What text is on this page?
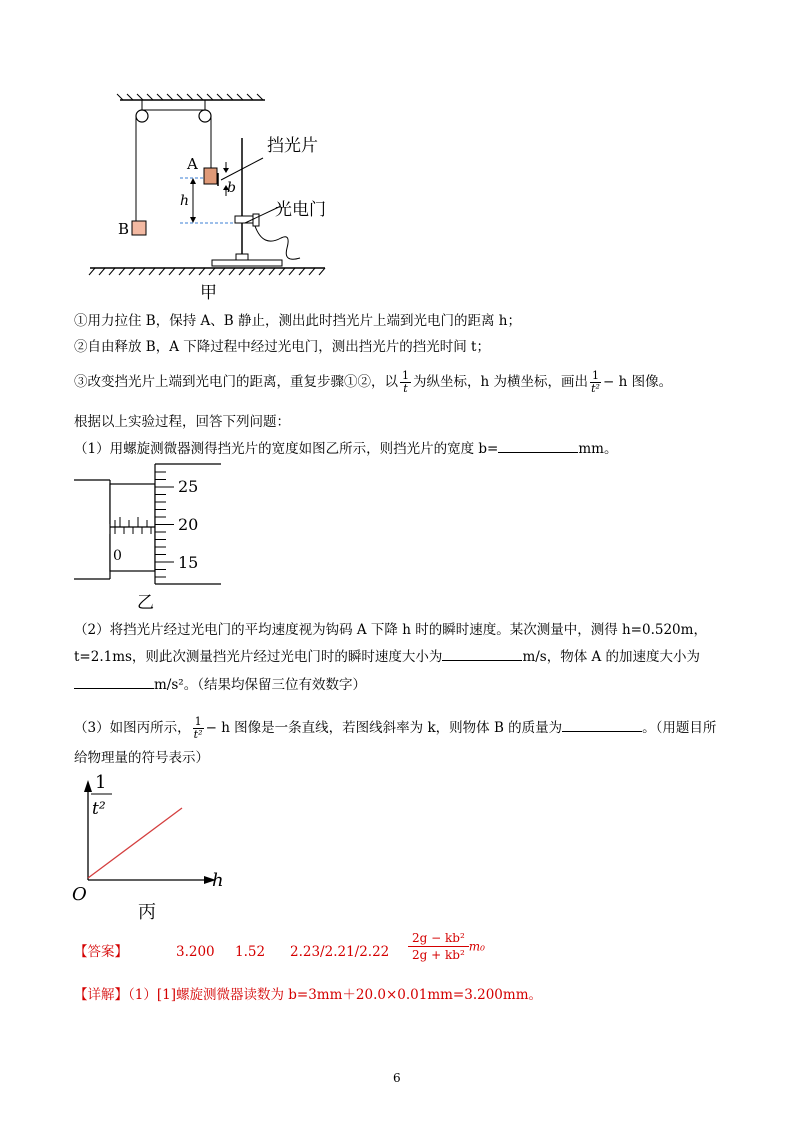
A
B
b
h
挡光片
光电门
甲
①用力拉住 B，保持 A、B 静止，测出此时挡光片上端到光电门的距离 h；
②自由释放 B，A 下降过程中经过光电门，测出挡光片的挡光时间 t；
③改变挡光片上端到光电门的距离，重复步骤①②，以 $\frac{1}{t}$ 为纵坐标，h 为横坐标，画出 $\frac{1}{\text{t²}} - h$ 图像。
根据以上实验过程，回答下列问题：
（1）用螺旋测微器测得挡光片的宽度如图乙所示，则挡光片的宽度 b=	mm。
25
20
15
0
乙
（2）将挡光片经过光电门的平均速度视为钩码 A 下降 h 时的瞬时速度。某次测量中，测得 h=0.520m，
t=2.1ms，则此次测量挡光片经过光电门时的瞬时速度大小为	m/s，物体 A 的加速度大小为
m/s²。（结果均保留三位有效数字）
（3）如图丙所示， $\frac{1}{\text{t²}} - h$ 图像是一条直线，若图线斜率为 k，则物体 B 的质量为	。（用题目所
给物理量的符号表示）
1
t²
h
O
丙
【答案】	3.200 1.52 $2.23/2.21/2.22 \frac{\text{2g − kb²}}{\text{2g + kb²}} m_0$
【详解】（1）[1]螺旋测微器读数为 b=3mm＋20.0×0.01mm=3.200mm。
6
